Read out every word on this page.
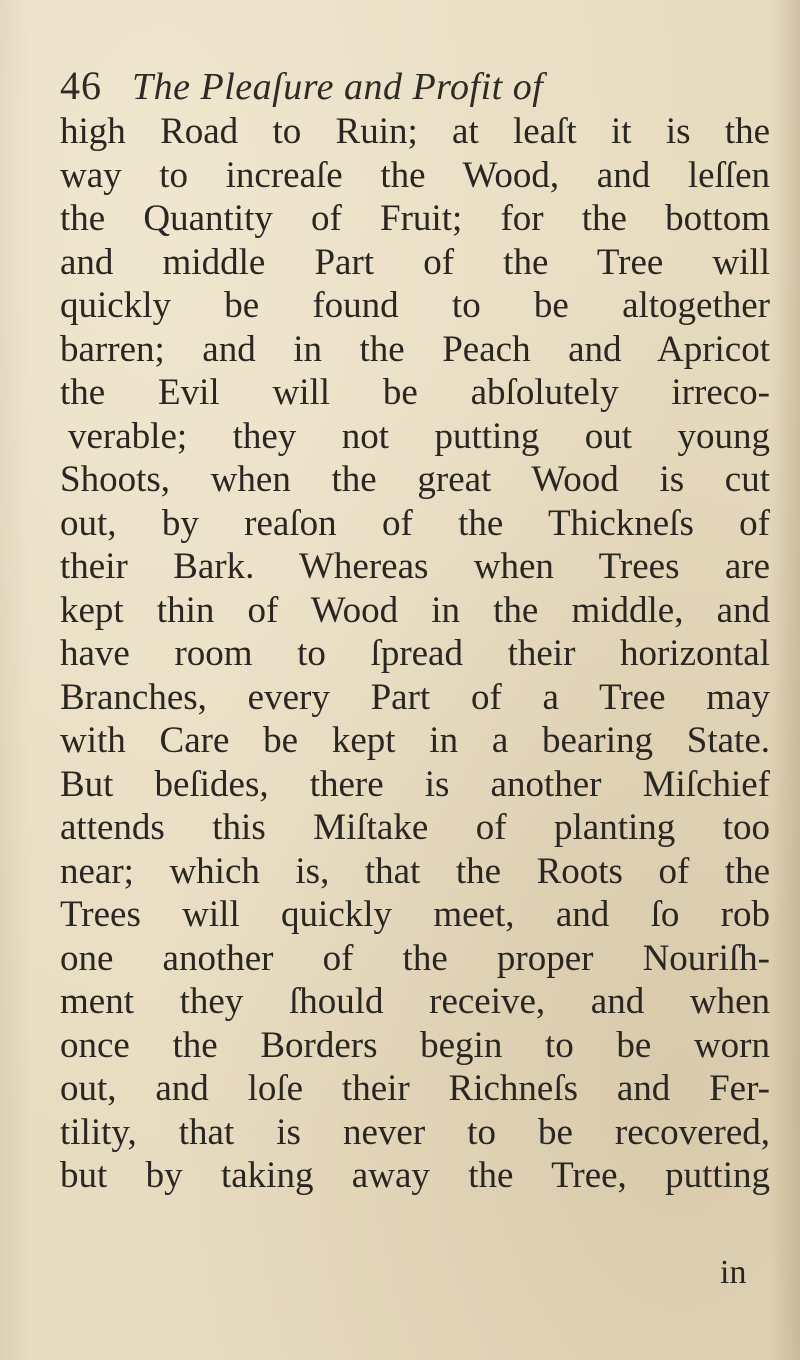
46 The Pleaſure and Profit of
high Road to Ruin; at leaſt it is the
way to increaſe the Wood, and leſſen
the Quantity of Fruit; for the bottom
and middle Part of the Tree will
quickly be found to be altogether
barren; and in the Peach and Apricot
the Evil will be abſolutely irreco-
verable; they not putting out young
Shoots, when the great Wood is cut
out, by reaſon of the Thickneſs of
their Bark. Whereas when Trees are
kept thin of Wood in the middle, and
have room to ſpread their horizontal
Branches, every Part of a Tree may
with Care be kept in a bearing State.
But beſides, there is another Miſchief
attends this Miſtake of planting too
near; which is, that the Roots of the
Trees will quickly meet, and ſo rob
one another of the proper Nouriſh-
ment they ſhould receive, and when
once the Borders begin to be worn
out, and loſe their Richneſs and Fer-
tility, that is never to be recovered,
but by taking away the Tree, putting
in
